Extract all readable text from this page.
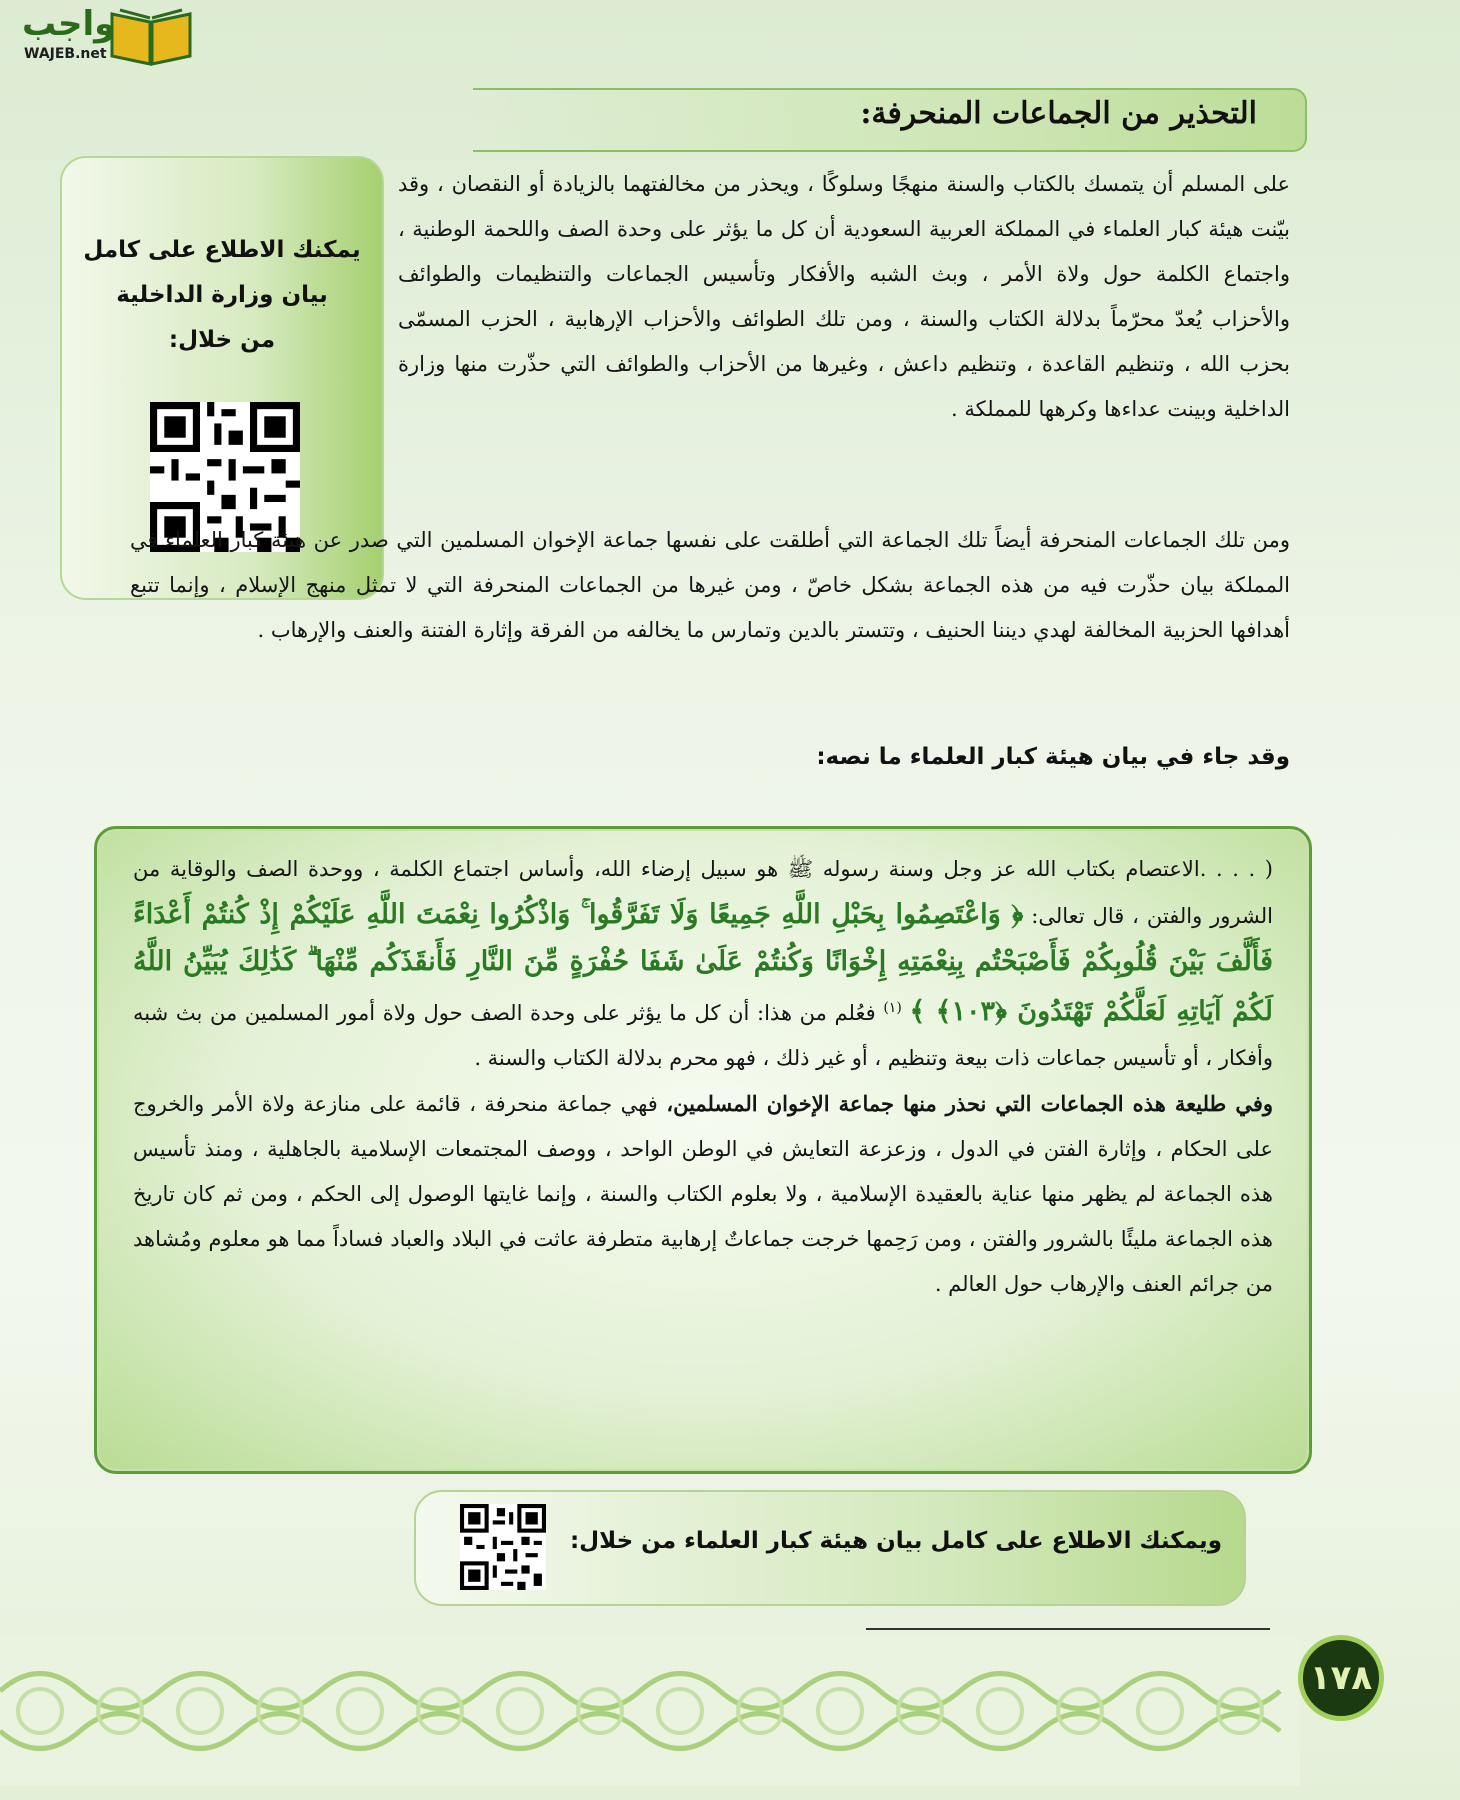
واجب
WAJEB.net
التحذير من الجماعات المنحرفة:
يمكنك الاطلاع على كامل
بيان وزارة الداخلية
من خلال:
على المسلم أن يتمسك بالكتاب والسنة منهجًا وسلوكًا ، ويحذر من مخالفتهما بالزيادة أو النقصان ، وقد بيّنت هيئة كبار العلماء في المملكة العربية السعودية أن كل ما يؤثر على وحدة الصف واللحمة الوطنية ، واجتماع الكلمة حول ولاة الأمر ، وبث الشبه والأفكار وتأسيس الجماعات والتنظيمات والطوائف والأحزاب يُعدّ محرّماً بدلالة الكتاب والسنة ، ومن تلك الطوائف والأحزاب الإرهابية ، الحزب المسمّى بحزب الله ، وتنظيم القاعدة ، وتنظيم داعش ، وغيرها من الأحزاب والطوائف التي حذّرت منها وزارة الداخلية وبينت عداءها وكرهها للمملكة .
ومن تلك الجماعات المنحرفة أيضاً تلك الجماعة التي أطلقت على نفسها جماعة الإخوان المسلمين التي صدر عن هيئة كبار العلماء في المملكة بيان حذّرت فيه من هذه الجماعة بشكل خاصّ ، ومن غيرها من الجماعات المنحرفة التي لا تمثل منهج الإسلام ، وإنما تتبع أهدافها الحزبية المخالفة لهدي ديننا الحنيف ، وتتستر بالدين وتمارس ما يخالفه من الفرقة وإثارة الفتنة والعنف والإرهاب .
وقد جاء في بيان هيئة كبار العلماء ما نصه:
( . . . .الاعتصام بكتاب الله عز وجل وسنة رسوله ﷺ هو سبيل إرضاء الله، وأساس اجتماع الكلمة ، ووحدة الصف والوقاية من الشرور والفتن ، قال تعالى: ﴿ وَاعْتَصِمُوا بِحَبْلِ اللَّهِ جَمِيعًا وَلَا تَفَرَّقُوا ۚ وَاذْكُرُوا نِعْمَتَ اللَّهِ عَلَيْكُمْ إِذْ كُنتُمْ أَعْدَاءً فَأَلَّفَ بَيْنَ قُلُوبِكُمْ فَأَصْبَحْتُم بِنِعْمَتِهِ إِخْوَانًا وَكُنتُمْ عَلَىٰ شَفَا حُفْرَةٍ مِّنَ النَّارِ فَأَنقَذَكُم مِّنْهَا ۗ كَذَٰلِكَ يُبَيِّنُ اللَّهُ لَكُمْ آيَاتِهِ لَعَلَّكُمْ تَهْتَدُونَ ﴿١٠٣﴾ ﴾ $^{(١)}$ فعُلم من هذا: أن كل ما يؤثر على وحدة الصف حول ولاة أمور المسلمين من بث شبه وأفكار ، أو تأسيس جماعات ذات بيعة وتنظيم ، أو غير ذلك ، فهو محرم بدلالة الكتاب والسنة .
وفي طليعة هذه الجماعات التي نحذر منها جماعة الإخوان المسلمين، فهي جماعة منحرفة ، قائمة على منازعة ولاة الأمر والخروج على الحكام ، وإثارة الفتن في الدول ، وزعزعة التعايش في الوطن الواحد ، ووصف المجتمعات الإسلامية بالجاهلية ، ومنذ تأسيس هذه الجماعة لم يظهر منها عناية بالعقيدة الإسلامية ، ولا بعلوم الكتاب والسنة ، وإنما غايتها الوصول إلى الحكم ، ومن ثم كان تاريخ هذه الجماعة مليئًا بالشرور والفتن ، ومن رَحِمها خرجت جماعاتٌ إرهابية متطرفة عاثت في البلاد والعباد فساداً مما هو معلوم ومُشاهد من جرائم العنف والإرهاب حول العالم .
ويمكنك الاطلاع على كامل بيان هيئة كبار العلماء من خلال:
١٧٨
